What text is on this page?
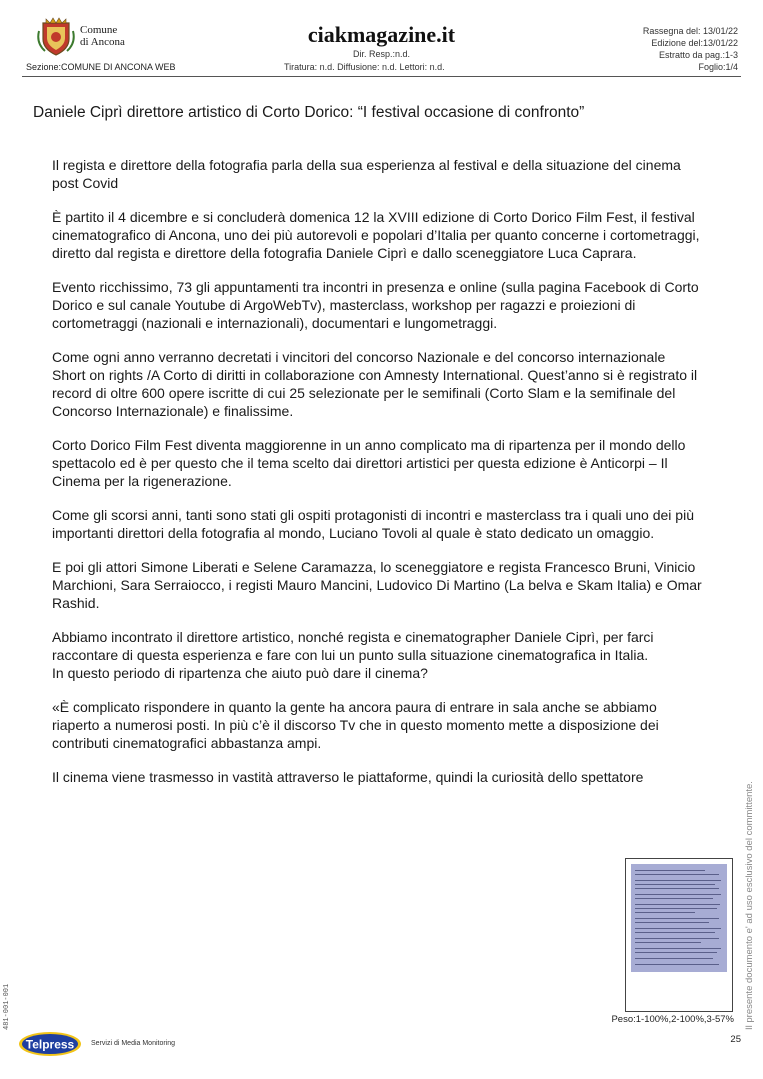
Comune
di Ancona
Sezione:COMUNE DI ANCONA WEB
ciakmagazine.it
Dir. Resp.:n.d.
Tiratura: n.d. Diffusione: n.d. Lettori: n.d.
Rassegna del: 13/01/22
Edizione del:13/01/22
Estratto da pag.:1-3
Foglio:1/4
Daniele Ciprì direttore artistico di Corto Dorico: “I festival occasione di confronto”

Il regista e direttore della fotografia parla della sua esperienza al festival e della situazione del cinema post Covid

È partito il 4 dicembre e si concluderà domenica 12 la XVIII edizione di Corto Dorico Film Fest, il festival cinematografico di Ancona, uno dei più autorevoli e popolari d’Italia per quanto concerne i cortometraggi, diretto dal regista e direttore della fotografia Daniele Ciprì e dallo sceneggiatore Luca Caprara.

Evento ricchissimo, 73 gli appuntamenti tra incontri in presenza e online (sulla pagina Facebook di Corto Dorico e sul canale Youtube di ArgoWebTv), masterclass, workshop per ragazzi e proiezioni di cortometraggi (nazionali e internazionali), documentari e lungometraggi.

Come ogni anno verranno decretati i vincitori del concorso Nazionale e del concorso internazionale Short on rights /A Corto di diritti in collaborazione con Amnesty International. Quest’anno si è registrato il record di oltre 600 opere iscritte di cui 25 selezionate per le semifinali (Corto Slam e la semifinale del Concorso Internazionale) e finalissime.

Corto Dorico Film Fest diventa maggiorenne in un anno complicato ma di ripartenza per il mondo dello spettacolo ed è per questo che il tema scelto dai direttori artistici per questa edizione è Anticorpi – Il Cinema per la rigenerazione.

Come gli scorsi anni, tanti sono stati gli ospiti protagonisti di incontri e masterclass tra i quali uno dei più importanti direttori della fotografia al mondo, Luciano Tovoli al quale è stato dedicato un omaggio.

E poi gli attori Simone Liberati e Selene Caramazza, lo sceneggiatore e regista Francesco Bruni, Vinicio Marchioni, Sara Serraiocco, i registi Mauro Mancini, Ludovico Di Martino (La belva e Skam Italia) e Omar Rashid.

Abbiamo incontrato il direttore artistico, nonché regista e cinematographer Daniele Ciprì, per farci raccontare di questa esperienza e fare con lui un punto sulla situazione cinematografica in Italia.

In questo periodo di ripartenza che aiuto può dare il cinema?

«È complicato rispondere in quanto la gente ha ancora paura di entrare in sala anche se abbiamo riaperto a numerosi posti. In più c’è il discorso Tv che in questo momento mette a disposizione dei contributi cinematografici abbastanza ampi.

Il cinema viene trasmesso in vastità attraverso le piattaforme, quindi la curiosità dello spettatore

Peso:1-100%,2-100%,3-57%
25
Il presente documento e' ad uso esclusivo del committente.
481-001-001
Telpress Servizi di Media Monitoring
